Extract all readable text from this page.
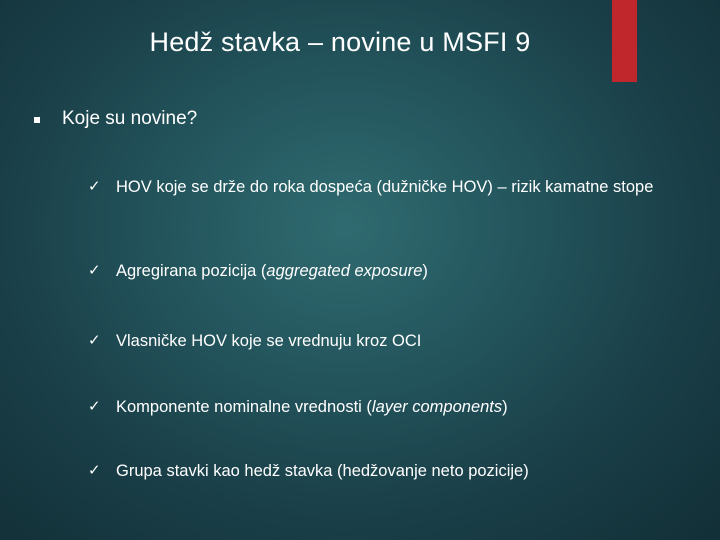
Hedž stavka – novine u MSFI 9
Koje su novine?
✓ HOV koje se drže do roka dospeća (dužničke HOV) – rizik kamatne stope
✓ Agregirana pozicija (aggregated exposure)
✓ Vlasničke HOV koje se vrednuju kroz OCI
✓ Komponente nominalne vrednosti (layer components)
✓ Grupa stavki kao hedž stavka (hedžovanje neto pozicije)
